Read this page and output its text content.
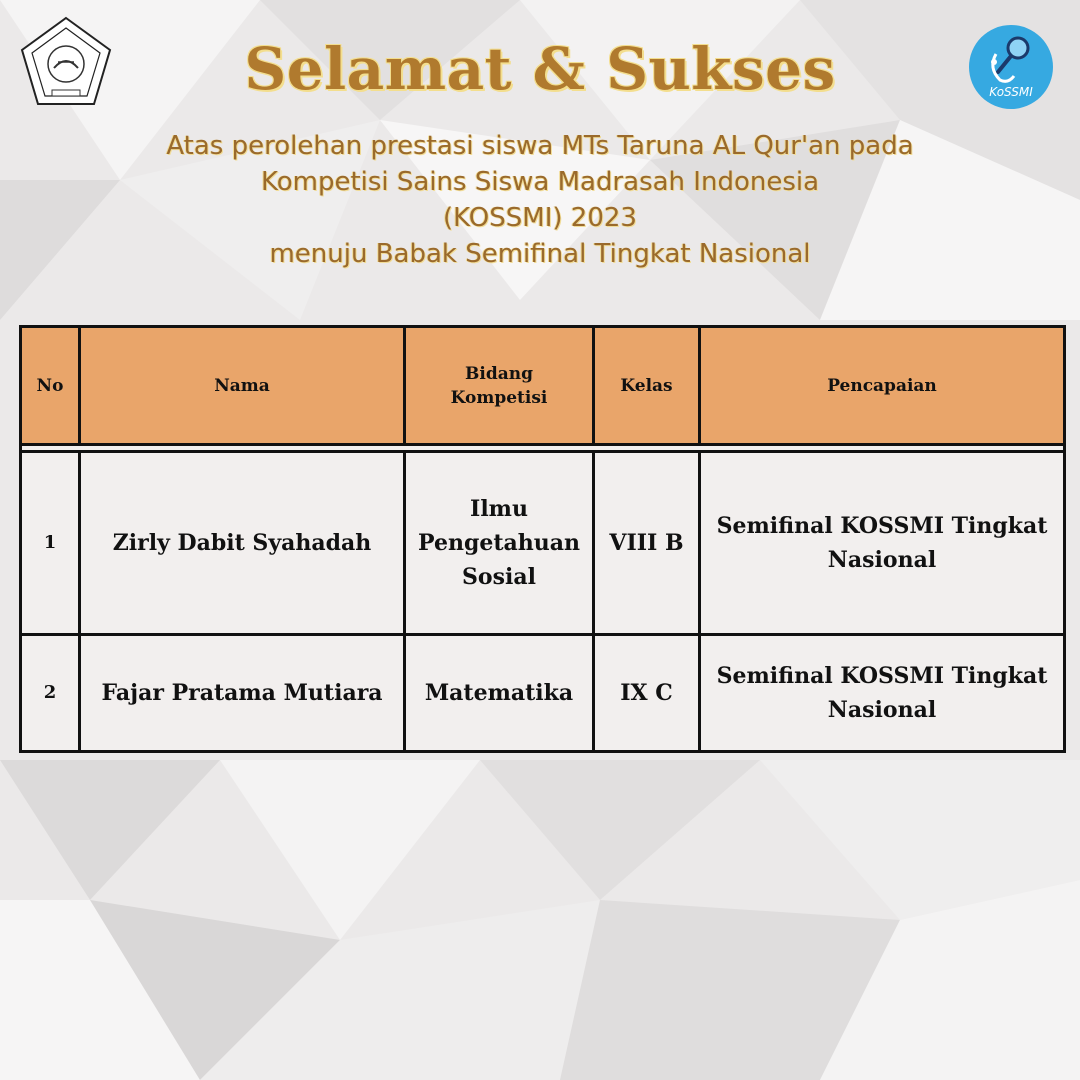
KoSSMI
Selamat & Sukses
Atas perolehan prestasi siswa MTs Taruna AL Qur'an pada
Kompetisi Sains Siswa Madrasah Indonesia
(KOSSMI) 2023
menuju Babak Semifinal Tingkat Nasional
No	Nama	Bidang Kompetisi	Kelas	Pencapaian

1	Zirly Dabit Syahadah	Ilmu Pengetahuan Sosial	VIII B	Semifinal KOSSMI Tingkat Nasional
2	Fajar Pratama Mutiara	Matematika	IX C	Semifinal KOSSMI Tingkat Nasional
